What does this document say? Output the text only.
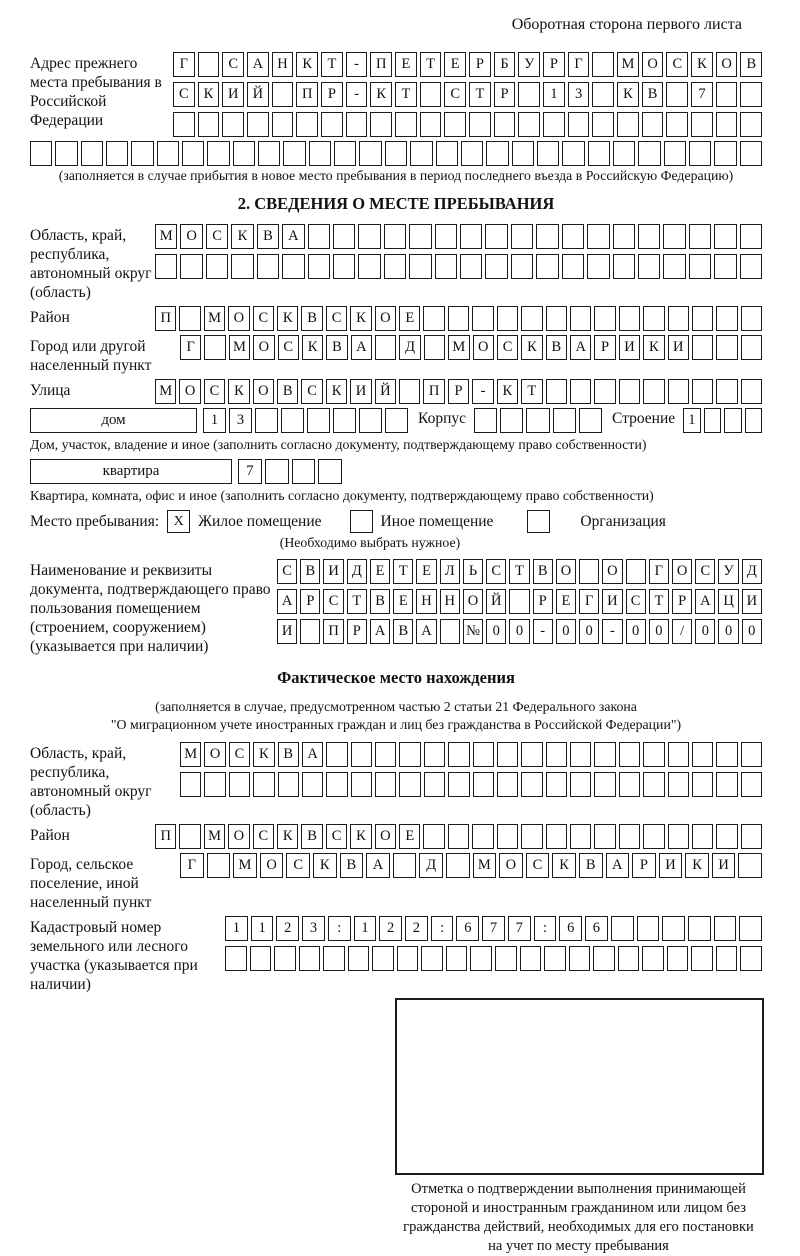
Оборотная сторона первого листа
Адрес прежнего места пребывания в Российской Федерации
Г	С	А Н	К	Т	-	П	Е	Т	Е	Р	Б	У	Р	Г	М О	С	К	О	В
С	К	И Й	П	Р	-	К	Т	С	Т	Р	1	3	К	В	7
(заполняется в случае прибытия в новое место пребывания в период последнего въезда в Российскую Федерацию)
2. СВЕДЕНИЯ О МЕСТЕ ПРЕБЫВАНИЯ
Область, край, республика, автономный округ (область)
М О	С	К	В	А
Район	П	М О С	К	В	С	К О	Е
Город или другой населенный пункт
Г	М О С	К	В А	Д	М О С	К	В А	Р	И К И
Улица	М О С	К О В	С	К И Й	П	Р	-	К	Т
дом	1	3	Корпус	Строение 1
Дом, участок, владение и иное (заполнить согласно документу, подтверждающему право собственности)
квартира	7
Квартира, комната, офис и иное (заполнить согласно документу, подтверждающему право собственности)
Место пребывания:	X Жилое помещение	Иное помещение	Организация
(Необходимо выбрать нужное)
Наименование и реквизиты документа, подтверждающего право пользования помещением (строением, сооружением) (указывается при наличии)
С В И Д Е Т Е Л Ь С Т В О	О	Г О С У Д
А Р С Т В Е Н Н О Й	Р	Е	Г И С Т	Р А Ц И
И	П Р А В А	№ 0	0	-	0	0	-	0	0	/	0	0	0
Фактическое место нахождения
(заполняется в случае, предусмотренном частью 2 статьи 21 Федерального закона
"О миграционном учете иностранных граждан и лиц без гражданства в Российской Федерации")
Область, край, республика, автономный округ (область)
М О С	К	В А
Район	П	М О С	К	В	С	К О	Е
Город, сельское поселение, иной населенный пункт
Г	М	О	С	К	В	А	Д	М	О	С	К	В	А	Р	И	К	И
Кадастровый номер земельного или лесного участка (указывается при наличии)
1	1	2	3	:	1	2	2	:	6	7	7	:	6	6
Отметка о подтверждении выполнения принимающей стороной и иностранным гражданином или лицом без гражданства действий, необходимых для его постановки на учет по месту пребывания
